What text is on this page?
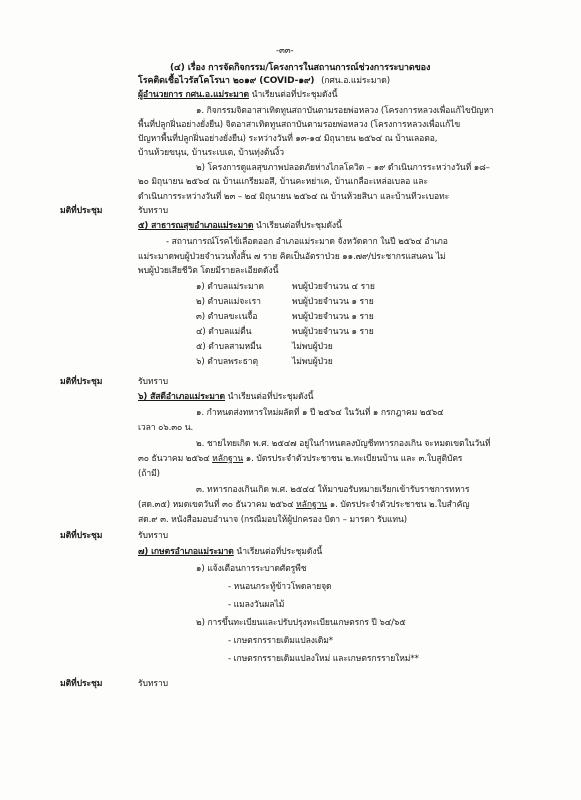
-๓๓-
(๔) เรื่อง การจัดกิจกรรม/โครงการในสถานการณ์ช่วงการระบาดของ
โรคติดเชื้อไวรัสโคโรนา ๒๐๑๙ (COVID-๑๙) (กศน.อ.แม่ระมาด)
ผู้อำนวยการ กศน.อ.แม่ระมาด นำเรียนต่อที่ประชุมดังนี้
๑. กิจกรรมจิตอาสาเทิดทูนสถาบันตามรอยพ่อหลวง (โครงการหลวงเพื่อแก้ไขปัญหา
พื้นที่ปลูกฝิ่นอย่างยั่งยืน) จิตอาสาเทิดทูนสถาบันตามรอยพ่อหลวง (โครงการหลวงเพื่อแก้ไข
ปัญหาพื้นที่ปลูกฝิ่นอย่างยั่งยืน) ระหว่างวันที่ ๑๓-๑๔ มิถุนายน ๒๕๖๔ ณ บ้านเลอตอ,
บ้านห้วยขนุน, บ้านระเบเต, บ้านทุ่งต้นงิ้ว
๒) โครงการดูแลสุขภาพปลอดภัยห่างไกลโควิด – ๑๙ ดำเนินการระหว่างวันที่ ๑๘–
๒๐ มิถุนายน ๒๕๖๔ ณ บ้านแกรียมอสึ, บ้านคะหย่าเค, บ้านเกลือะเหล่อเบลอ และ
ดำเนินการระหว่างวันที่ ๒๓ – ๒๔ มิถุนายน ๒๕๖๔ ณ บ้านห้วยสินา และบ้านทีวะเบอทะ
มติที่ประชุม	รับทราบ
๕) สาธารณสุขอำเภอแม่ระมาด นำเรียนต่อที่ประชุมดังนี้
- สถานการณ์โรคไข้เลือดออก อำเภอแม่ระมาด จังหวัดตาก ในปี ๒๕๖๔ อำเภอ
แม่ระมาดพบผู้ป่วยจำนวนทั้งสิ้น ๗ ราย คิดเป็นอัตราป่วย ๑๑.๗๙/ประชากรแสนคน ไม่
พบผู้ป่วยเสียชีวิต โดยมีรายละเอียดดังนี้
๑) ตำบลแม่ระมาด	พบผู้ป่วยจำนวน ๔ ราย
๒) ตำบลแม่จะเรา	พบผู้ป่วยจำนวน ๑ ราย
๓) ตำบลขะเนจื้อ	พบผู้ป่วยจำนวน ๑ ราย
๔) ตำบลแม่ตื่น	พบผู้ป่วยจำนวน ๑ ราย
๕) ตำบลสามหมื่น	ไม่พบผู้ป่วย
๖) ตำบลพระธาตุ	ไม่พบผู้ป่วย
มติที่ประชุม	รับทราบ
๖) สัสดีอำเภอแม่ระมาด นำเรียนต่อที่ประชุมดังนี้
๑. กำหนดส่งทหารใหม่ผลัดที่ ๑ ปี ๒๕๖๔ ในวันที่ ๑ กรกฎาคม ๒๕๖๔
เวลา ๐๖.๓๐ น.
๒. ชายไทยเกิด พ.ศ. ๒๕๔๗ อยู่ในกำหนดลงบัญชีทหารกองเกิน จะหมดเขตในวันที่
๓๐ ธันวาคม ๒๕๖๔ หลักฐาน ๑. บัตรประจำตัวประชาชน ๒.ทะเบียนบ้าน และ ๓.ใบสูติบัตร
(ถ้ามี)
๓. ทหารกองเกินเกิด พ.ศ. ๒๕๔๔ ให้มาขอรับหมายเรียกเข้ารับราชการทหาร
(สด.๓๕) หมดเขตวันที่ ๓๐ ธันวาคม ๒๕๖๔ หลักฐาน ๑. บัตรประจำตัวประชาชน ๒.ใบสำคัญ
สด.๙ ๓. หนังสือมอบอำนาจ (กรณีมอบให้ผู้ปกครอง บิดา – มารดา รับแทน)
มติที่ประชุม	รับทราบ
๗) เกษตรอำเภอแม่ระมาด นำเรียนต่อที่ประชุมดังนี้
๑) แจ้งเตือนการระบาดศัตรูพืช
- หนอนกระทู้ข้าวโพดลายจุด
- แมลงวันผลไม้
๒) การขึ้นทะเบียนและปรับปรุงทะเบียนเกษตรกร ปี ๖๔/๖๕
- เกษตรกรรายเดิมแปลงเดิม*
- เกษตรกรรายเดิมแปลงใหม่ และเกษตรกรรายใหม่**
มติที่ประชุม	รับทราบ
